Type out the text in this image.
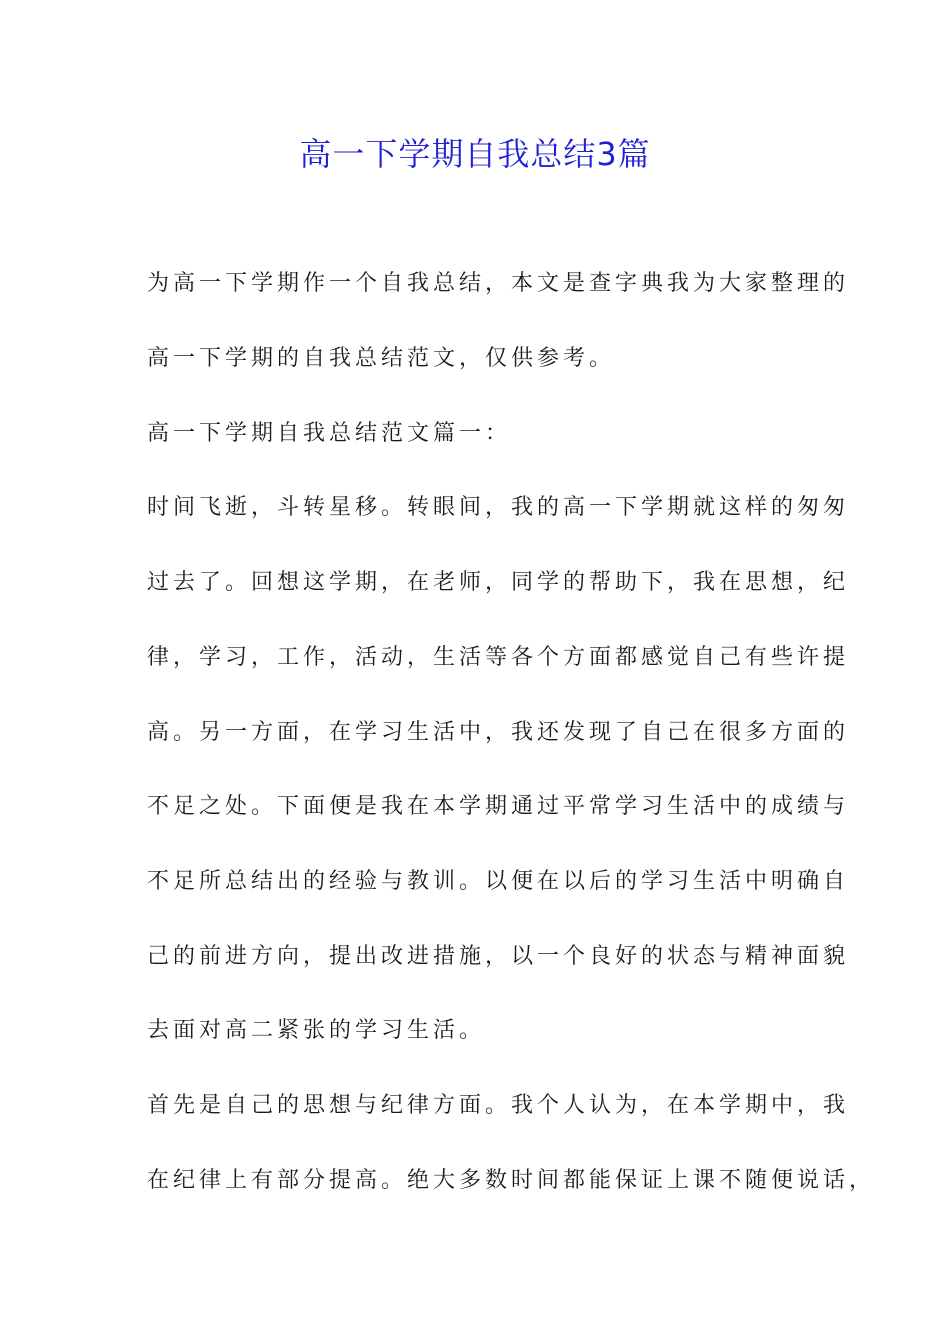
高一下学期自我总结3篇

为高一下学期作一个自我总结，本文是查字典我为大家整理的

高一下学期的自我总结范文，仅供参考。

高一下学期自我总结范文篇一：

时间飞逝，斗转星移。转眼间，我的高一下学期就这样的匆匆

过去了。回想这学期，在老师，同学的帮助下，我在思想，纪

律，学习，工作，活动，生活等各个方面都感觉自己有些许提

高。另一方面，在学习生活中，我还发现了自己在很多方面的

不足之处。下面便是我在本学期通过平常学习生活中的成绩与

不足所总结出的经验与教训。以便在以后的学习生活中明确自

己的前进方向，提出改进措施，以一个良好的状态与精神面貌

去面对高二紧张的学习生活。

首先是自己的思想与纪律方面。我个人认为，在本学期中，我

在纪律上有部分提高。绝大多数时间都能保证上课不随便说话，
